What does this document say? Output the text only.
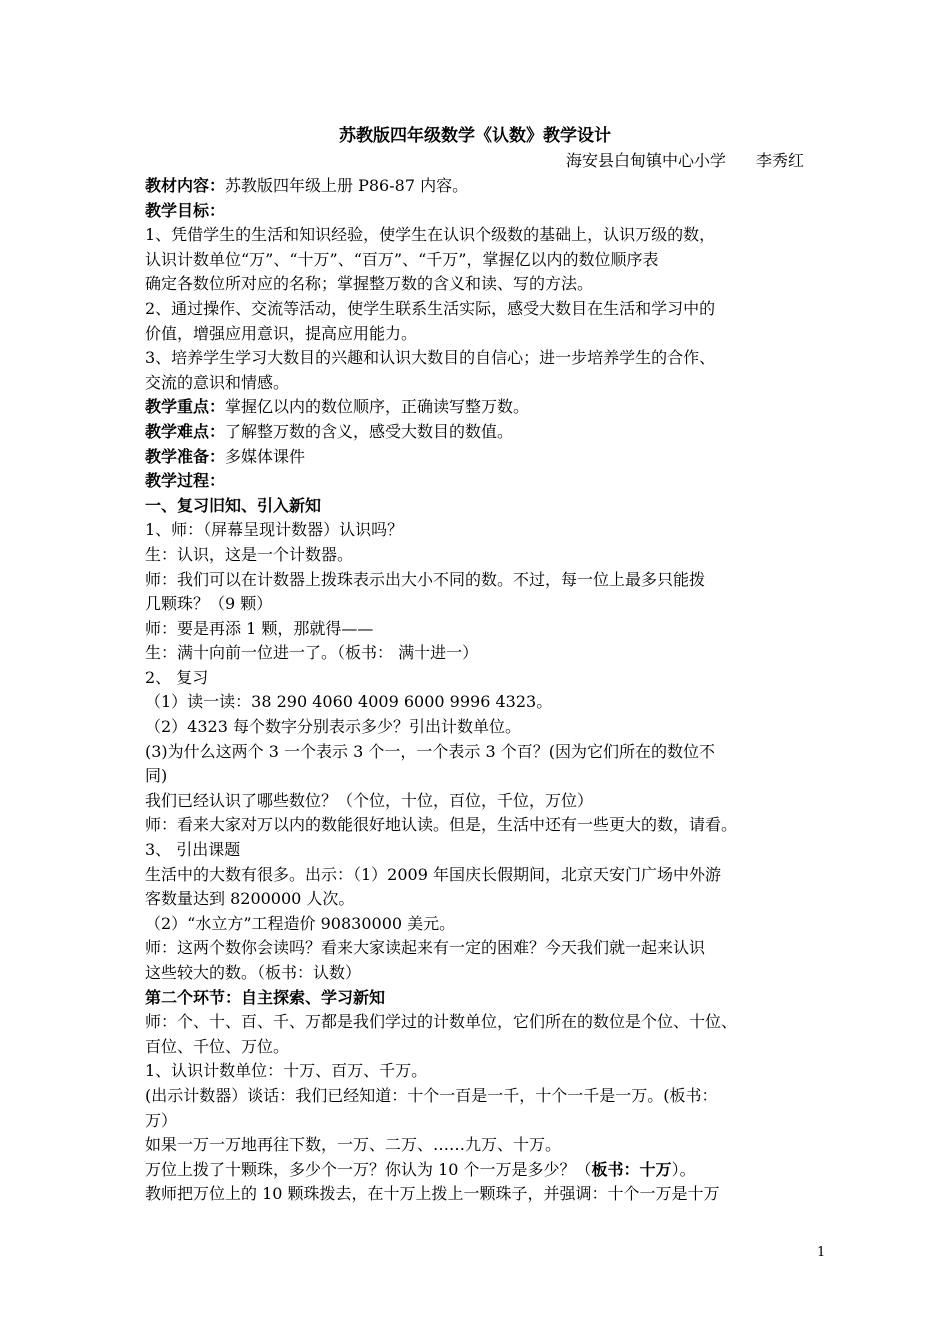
苏教版四年级数学《认数》教学设计
海安县白甸镇中心小学 李秀红

教材内容：苏教版四年级上册 P86-87 内容。

教学目标：

1、凭借学生的生活和知识经验，使学生在认识个级数的基础上，认识万级的数，

认识计数单位“万”、“十万”、“百万”、“千万”，掌握亿以内的数位顺序表

确定各数位所对应的名称；掌握整万数的含义和读、写的方法。

2、通过操作、交流等活动，使学生联系生活实际，感受大数目在生活和学习中的

价值，增强应用意识，提高应用能力。

3、培养学生学习大数目的兴趣和认识大数目的自信心；进一步培养学生的合作、

交流的意识和情感。

教学重点：掌握亿以内的数位顺序，正确读写整万数。

教学难点：了解整万数的含义，感受大数目的数值。

教学准备：多媒体课件

教学过程：

一、复习旧知、引入新知

1、师：（屏幕呈现计数器）认识吗？

生：认识，这是一个计数器。

师：我们可以在计数器上拨珠表示出大小不同的数。不过，每一位上最多只能拨

几颗珠？（9 颗）

师：要是再添 1 颗，那就得——

生：满十向前一位进一了。（板书： 满十进一）

2、 复习

（1）读一读：38 290 4060 4009 6000 9996 4323。

（2）4323 每个数字分别表示多少？引出计数单位。

(3)为什么这两个 3 一个表示 3 个一，一个表示 3 个百？(因为它们所在的数位不

同)

我们已经认识了哪些数位？（个位，十位，百位，千位，万位）

师：看来大家对万以内的数能很好地认读。但是，生活中还有一些更大的数，请看。

3、 引出课题

生活中的大数有很多。出示：（1）2009 年国庆长假期间，北京天安门广场中外游

客数量达到 8200000 人次。

（2）“水立方”工程造价 90830000 美元。

师：这两个数你会读吗？看来大家读起来有一定的困难？今天我们就一起来认识

这些较大的数。（板书：认数）

第二个环节：自主探索、学习新知

师：个、十、百、千、万都是我们学过的计数单位，它们所在的数位是个位、十位、

百位、千位、万位。

1、认识计数单位：十万、百万、千万。

(出示计数器）谈话：我们已经知道：十个一百是一千，十个一千是一万。(板书：

万）

如果一万一万地再往下数，一万、二万、……九万、十万。

万位上拨了十颗珠，多少个一万？你认为 10 个一万是多少？（板书：十万）。

教师把万位上的 10 颗珠拨去，在十万上拨上一颗珠子，并强调：十个一万是十万

1
